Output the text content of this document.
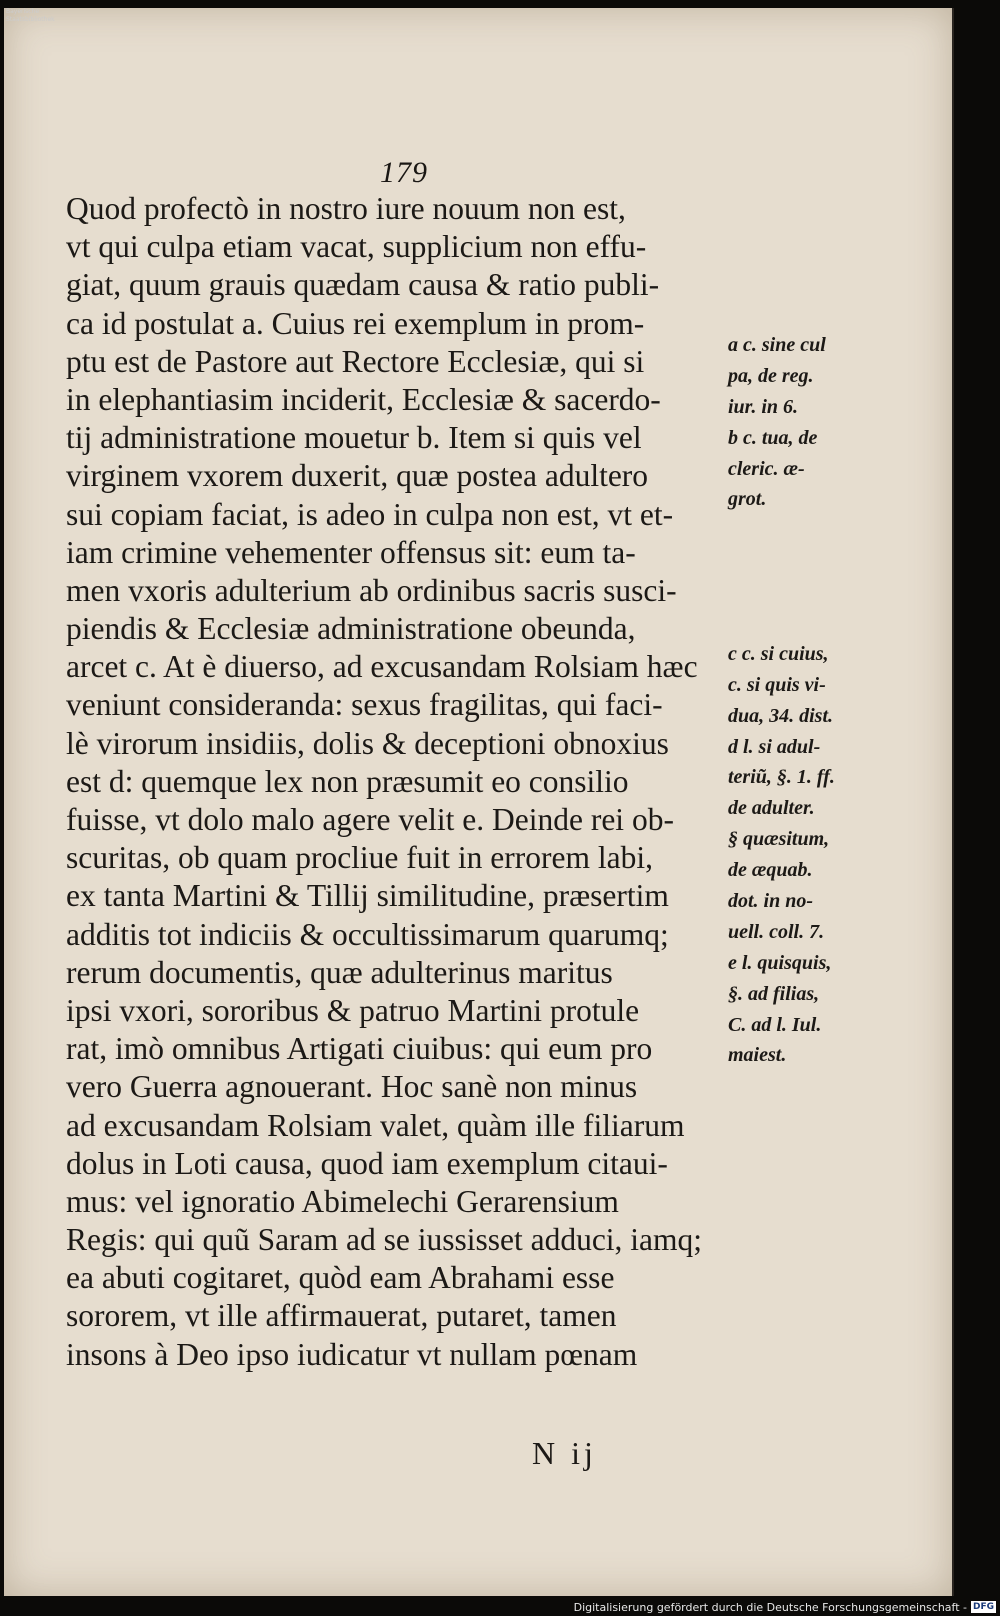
Bayerische Staatsbibliothek
179
Quod profectò in nostro iure nouum non est,
vt qui culpa etiam vacat, supplicium non effu-
giat, quum grauis quædam causa & ratio publi-
ca id postulat a. Cuius rei exemplum in prom-
ptu est de Pastore aut Rectore Ecclesiæ, qui si
in elephantiasim inciderit, Ecclesiæ & sacerdo-
tij administratione mouetur b. Item si quis vel
virginem vxorem duxerit, quæ postea adultero
sui copiam faciat, is adeo in culpa non est, vt et-
iam crimine vehementer offensus sit: eum ta-
men vxoris adulterium ab ordinibus sacris susci-
piendis & Ecclesiæ administratione obeunda,
arcet c. At è diuerso, ad excusandam Rolsiam hæc
veniunt consideranda: sexus fragilitas, qui faci-
lè virorum insidiis, dolis & deceptioni obnoxius
est d: quemque lex non præsumit eo consilio
fuisse, vt dolo malo agere velit e. Deinde rei ob-
scuritas, ob quam procliue fuit in errorem labi,
ex tanta Martini & Tillij similitudine, præsertim
additis tot indiciis & occultissimarum quarumq;
rerum documentis, quæ adulterinus maritus
ipsi vxori, sororibus & patruo Martini protule
rat, imò omnibus Artigati ciuibus: qui eum pro
vero Guerra agnouerant. Hoc sanè non minus
ad excusandam Rolsiam valet, quàm ille filiarum
dolus in Loti causa, quod iam exemplum citaui-
mus: vel ignoratio Abimelechi Gerarensium
Regis: qui quũ Saram ad se iussisset adduci, iamq;
ea abuti cogitaret, quòd eam Abrahami esse
sororem, vt ille affirmauerat, putaret, tamen
insons à Deo ipso iudicatur vt nullam pœnam
a c. sine cul
pa, de reg.
iur. in 6.
b c. tua, de
cleric. æ-
grot.
c c. si cuius,
c. si quis vi-
dua, 34. dist.
d l. si adul-
teriũ, §. 1. ff.
de adulter.
§ quæsitum,
de æquab.
dot. in no-
uell. coll. 7.
e l. quisquis,
§. ad filias,
C. ad l. Iul.
maiest.
N ij
Digitalisierung gefördert durch die Deutsche Forschungsgemeinschaft - DFG
